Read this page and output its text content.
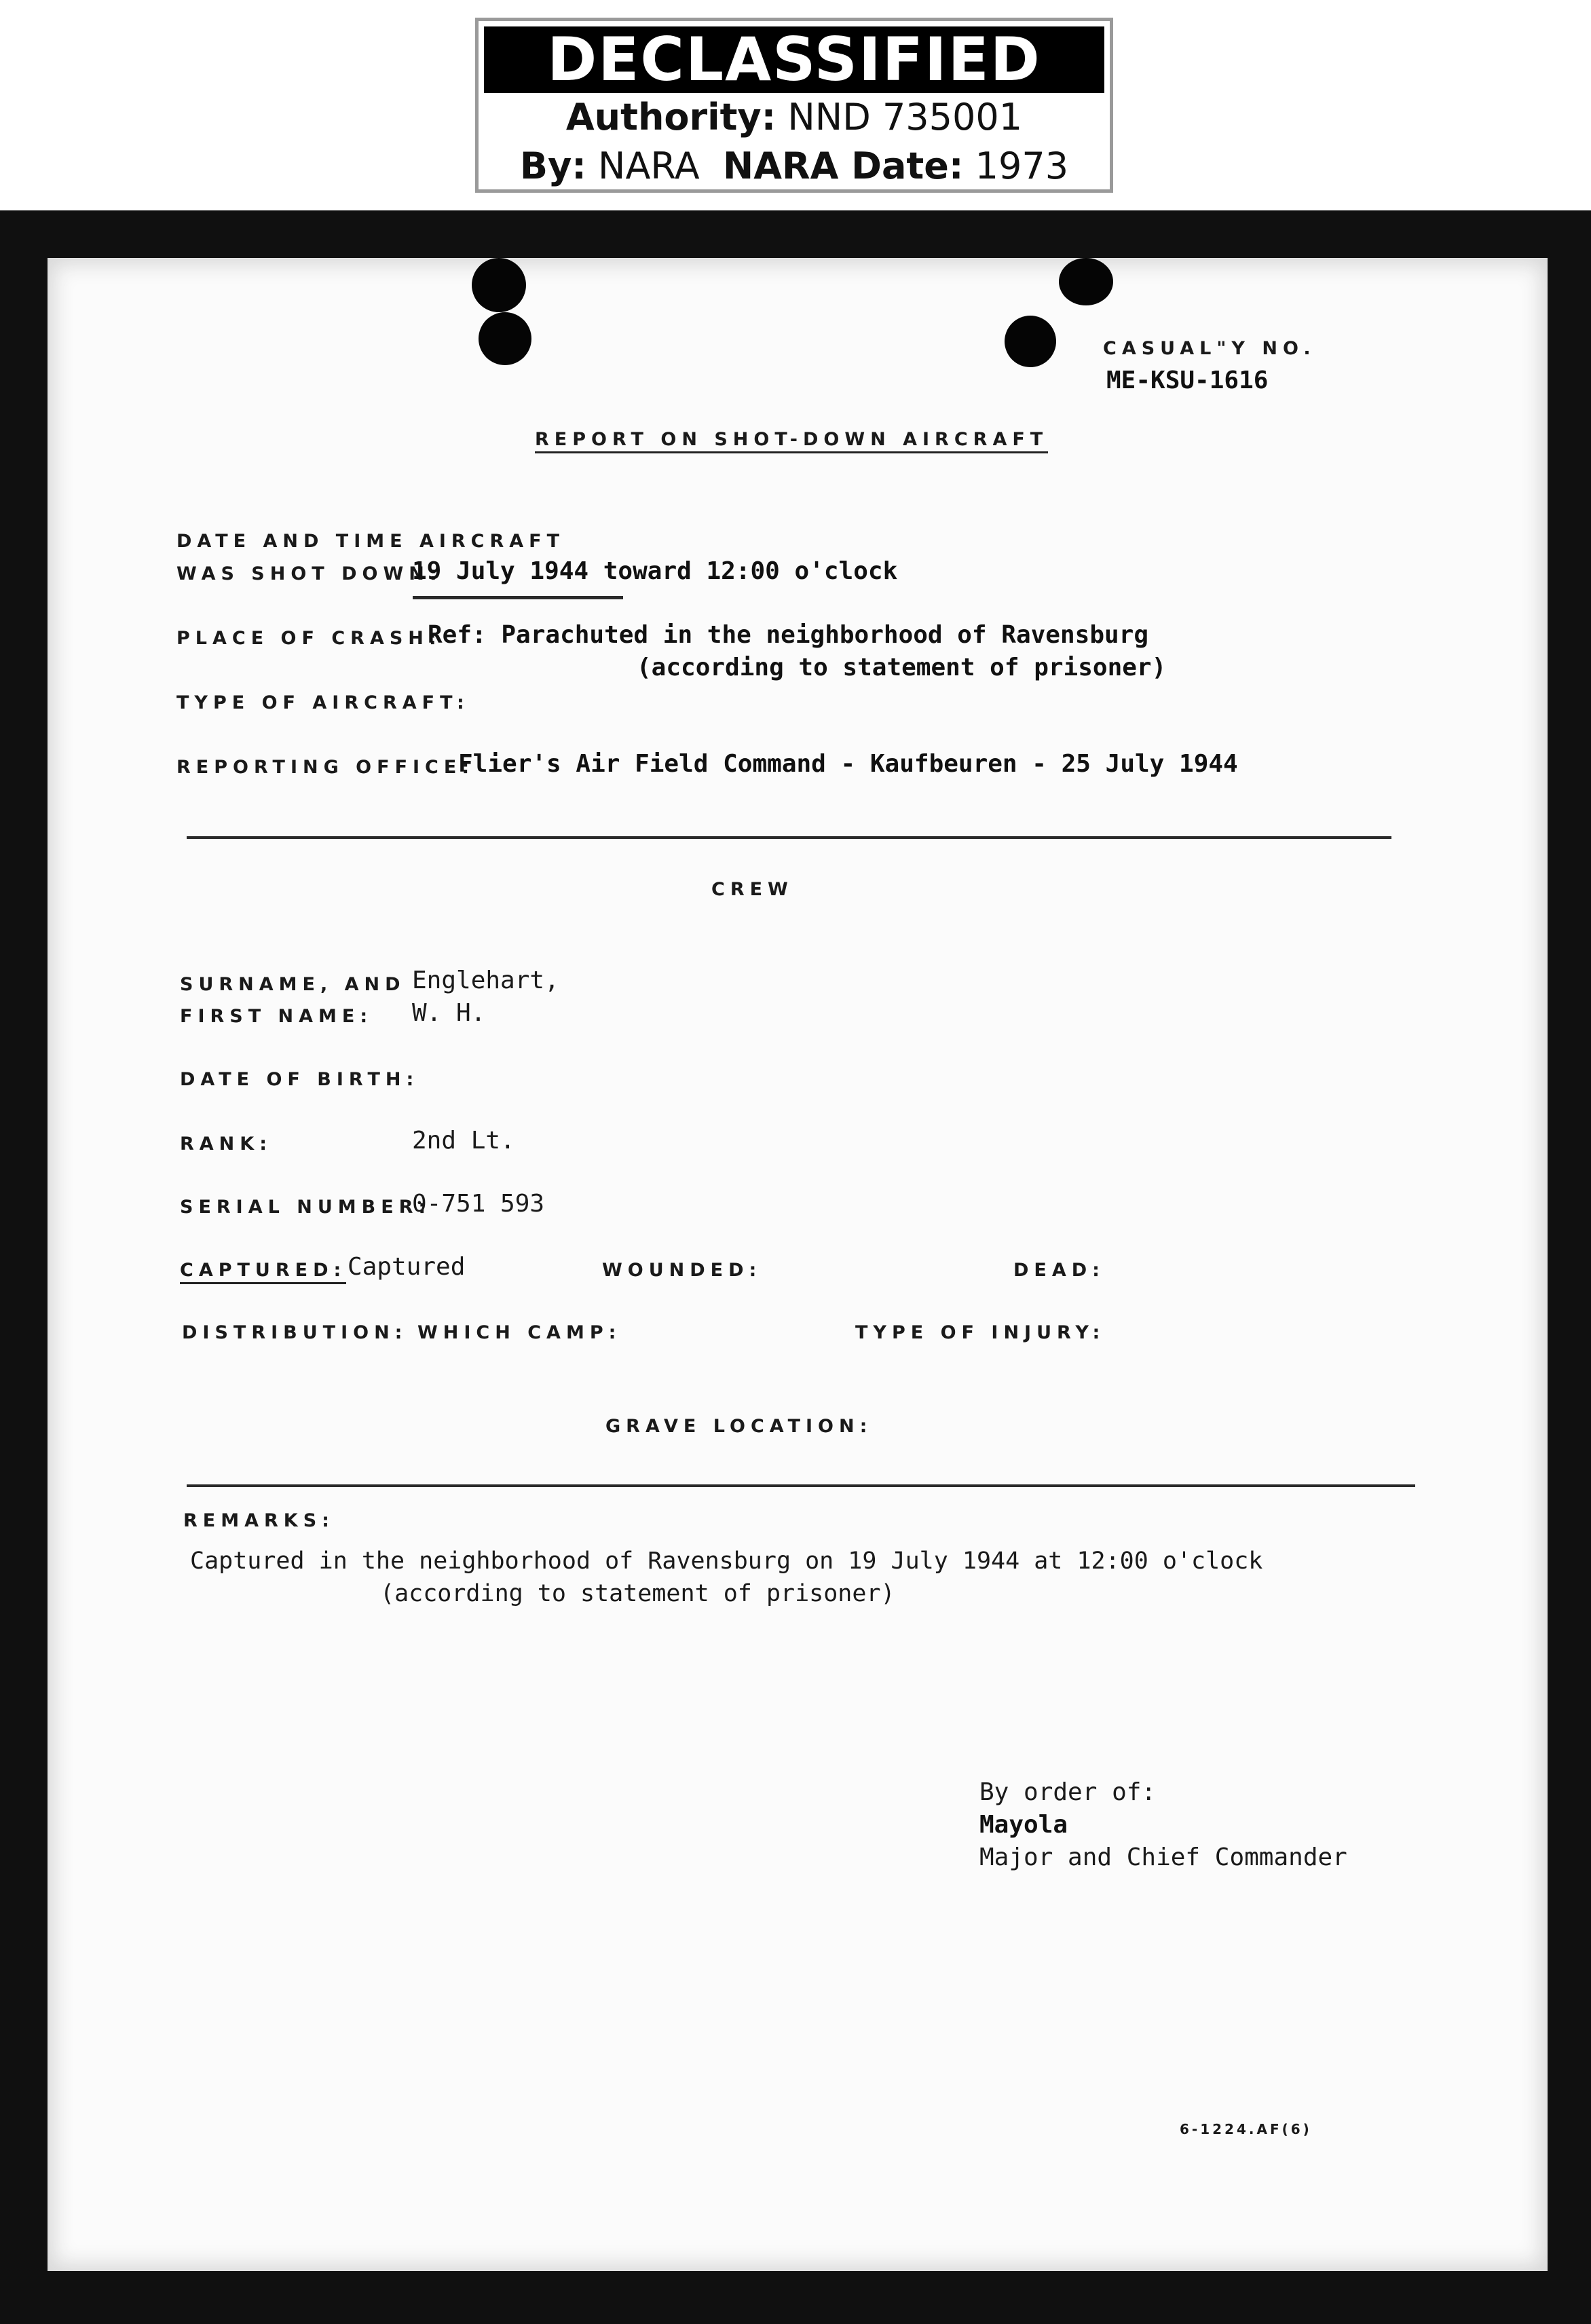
DECLASSIFIED
Authority: NND 735001
By: NARA NARA Date: 1973
CASUAL"Y NO.
ME-KSU-1616
REPORT ON SHOT-DOWN AIRCRAFT
DATE AND TIME AIRCRAFT
WAS SHOT DOWN:
19 July 1944 toward 12:00 o'clock
PLACE OF CRASH:
Ref: Parachuted in the neighborhood of Ravensburg
(according to statement of prisoner)
TYPE OF AIRCRAFT:
REPORTING OFFICE:
Flier's Air Field Command - Kaufbeuren - 25 July 1944
CREW
SURNAME, AND
FIRST NAME:
Englehart,
W. H.
DATE OF BIRTH:
RANK:	2nd Lt.
SERIAL NUMBER:
0-751 593
CAPTURED: Captured	WOUNDED:	DEAD:
DISTRIBUTION: WHICH CAMP:	TYPE OF INJURY:
GRAVE LOCATION:
REMARKS:
Captured in the neighborhood of Ravensburg on 19 July 1944 at 12:00 o'clock
(according to statement of prisoner)
By order of:
Mayola
Major and Chief Commander
6-1224.AF(6)
